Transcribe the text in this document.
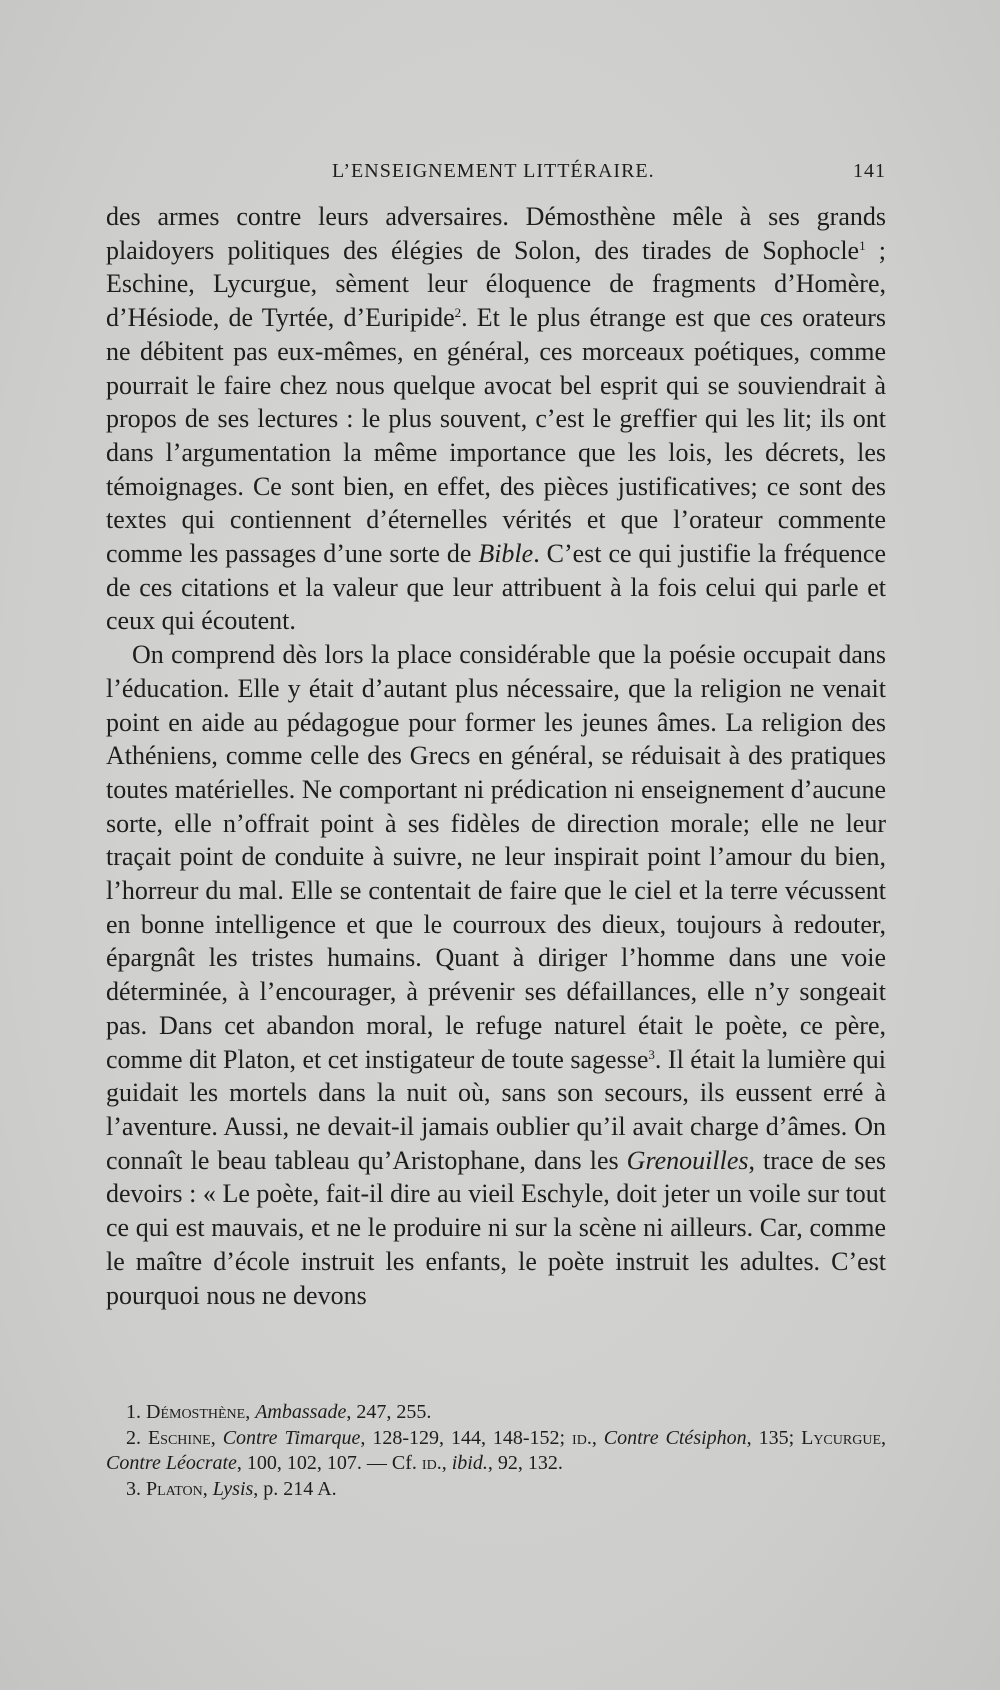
L’ENSEIGNEMENT LITTÉRAIRE.	141

des armes contre leurs adversaires. Démosthène mêle à ses grands plaidoyers politiques des élégies de Solon, des tirades de Sophocle$^1$ ; Eschine, Lycurgue, sèment leur éloquence de fragments d’Homère, d’Hésiode, de Tyrtée, d’Euripide$^2$. Et le plus étrange est que ces orateurs ne débitent pas eux-mêmes, en général, ces morceaux poétiques, comme pourrait le faire chez nous quelque avocat bel esprit qui se souviendrait à propos de ses lectures : le plus souvent, c’est le greffier qui les lit; ils ont dans l’argumentation la même importance que les lois, les décrets, les témoignages. Ce sont bien, en effet, des pièces justificatives; ce sont des textes qui contiennent d’éternelles vérités et que l’orateur commente comme les passages d’une sorte de Bible. C’est ce qui justifie la fréquence de ces citations et la valeur que leur attribuent à la fois celui qui parle et ceux qui écoutent.

On comprend dès lors la place considérable que la poésie occupait dans l’éducation. Elle y était d’autant plus nécessaire, que la religion ne venait point en aide au pédagogue pour former les jeunes âmes. La religion des Athéniens, comme celle des Grecs en général, se réduisait à des pratiques toutes matérielles. Ne comportant ni prédication ni enseignement d’aucune sorte, elle n’offrait point à ses fidèles de direction morale; elle ne leur traçait point de conduite à suivre, ne leur inspirait point l’amour du bien, l’horreur du mal. Elle se contentait de faire que le ciel et la terre vécussent en bonne intelligence et que le courroux des dieux, toujours à redouter, épargnât les tristes humains. Quant à diriger l’homme dans une voie déterminée, à l’encourager, à prévenir ses défaillances, elle n’y songeait pas. Dans cet abandon moral, le refuge naturel était le poète, ce père, comme dit Platon, et cet instigateur de toute sagesse$^3$. Il était la lumière qui guidait les mortels dans la nuit où, sans son secours, ils eussent erré à l’aventure. Aussi, ne devait-il jamais oublier qu’il avait charge d’âmes. On connaît le beau tableau qu’Aristophane, dans les Grenouilles, trace de ses devoirs : « Le poète, fait-il dire au vieil Eschyle, doit jeter un voile sur tout ce qui est mauvais, et ne le produire ni sur la scène ni ailleurs. Car, comme le maître d’école instruit les enfants, le poète instruit les adultes. C’est pourquoi nous ne devons

1. Démosthène, Ambassade, 247, 255.

2. Eschine, Contre Timarque, 128-129, 144, 148-152; id., Contre Ctésiphon, 135; Lycurgue, Contre Léocrate, 100, 102, 107. — Cf. id., ibid., 92, 132.

3. Platon, Lysis, p. 214 A.
